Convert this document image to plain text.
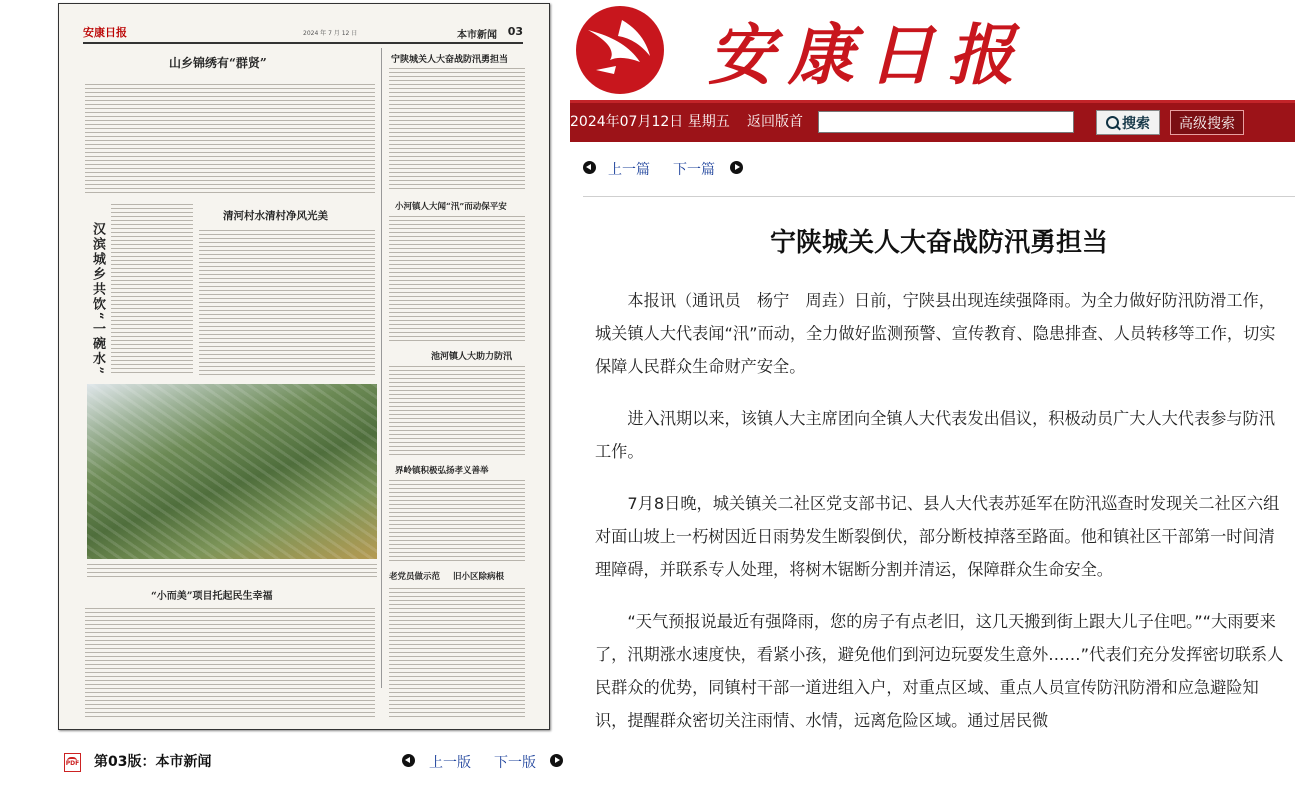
安康日报	2024 年 7 月 12 日	本市新闻 03
山乡锦绣有“群贤”	宁陕城关人大奋战防汛勇担当
汉滨城乡共饮“一碗水”
小河镇人大闻“汛”而动保平安
清河村水清村净风光美
池河镇人大助力防汛
界岭镇积极弘扬孝义善举
“小而美”项目托起民生幸福
老党员做示范 旧小区除病根
PDF 第03版：本市新闻	上一版 下一版
安康日报
2024年07月12日 星期五 返回版首	搜索	高级搜索
上一篇 下一篇
宁陕城关人大奋战防汛勇担当

本报讯（通讯员　杨宁　周垚）日前，宁陕县出现连续强降雨。为全力做好防汛防滑工作，城关镇人大代表闻“汛”而动，全力做好监测预警、宣传教育、隐患排查、人员转移等工作，切实保障人民群众生命财产安全。

进入汛期以来，该镇人大主席团向全镇人大代表发出倡议，积极动员广大人大代表参与防汛工作。

7月8日晚，城关镇关二社区党支部书记、县人大代表苏延军在防汛巡查时发现关二社区六组对面山坡上一朽树因近日雨势发生断裂倒伏，部分断枝掉落至路面。他和镇社区干部第一时间清理障碍，并联系专人处理，将树木锯断分割并清运，保障群众生命安全。

“天气预报说最近有强降雨，您的房子有点老旧，这几天搬到街上跟大儿子住吧。”“大雨要来了，汛期涨水速度快，看紧小孩，避免他们到河边玩耍发生意外……”代表们充分发挥密切联系人民群众的优势，同镇村干部一道进组入户，对重点区域、重点人员宣传防汛防滑和应急避险知识，提醒群众密切关注雨情、水情，远离危险区域。通过居民微
